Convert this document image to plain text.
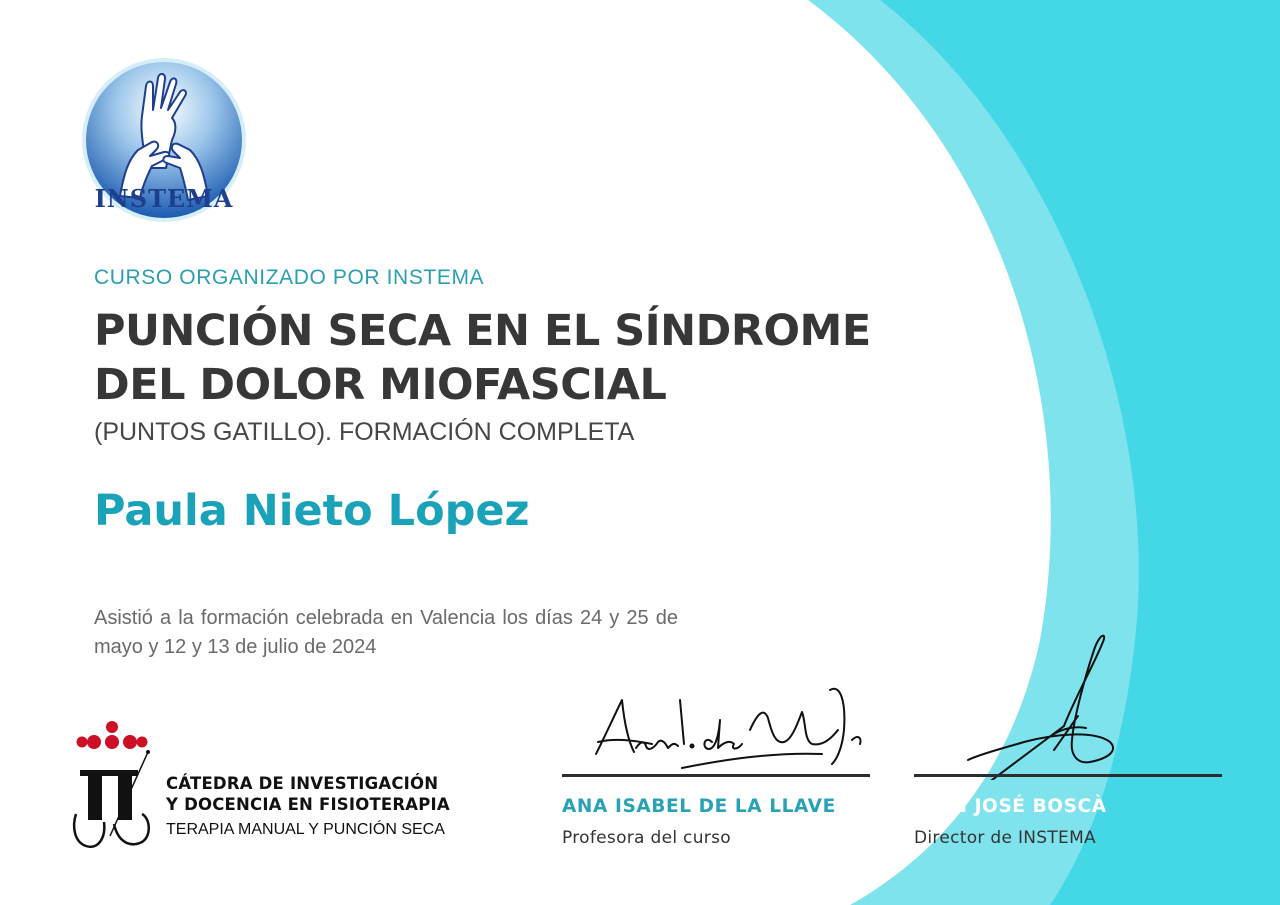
INSTEMA
CURSO ORGANIZADO POR INSTEMA
PUNCIÓN SECA EN EL SÍNDROME
DEL DOLOR MIOFASCIAL
(PUNTOS GATILLO). FORMACIÓN COMPLETA
Paula Nieto López
Asistió a la formación celebrada en Valencia los días 24 y 25 de mayo y 12 y 13 de julio de 2024
CÁTEDRA DE INVESTIGACIÓN
Y DOCENCIA EN FISIOTERAPIA
TERAPIA MANUAL Y PUNCIÓN SECA
ANA ISABEL DE LA LLAVE
Profesora del curso
JUAN JOSÉ BOSCÀ
Director de INSTEMA
